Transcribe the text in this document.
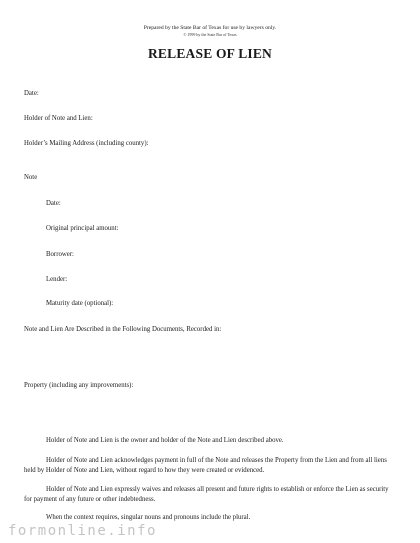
Prepared by the State Bar of Texas for use by lawyers only.
© 1999 by the State Bar of Texas
RELEASE OF LIEN
Date:
Holder of Note and Lien:
Holder’s Mailing Address (including county):
Note
Date:
Original principal amount:
Borrower:
Lender:
Maturity date (optional):
Note and Lien Are Described in the Following Documents, Recorded in:
Property (including any improvements):
Holder of Note and Lien is the owner and holder of the Note and Lien described above.
Holder of Note and Lien acknowledges payment in full of the Note and releases the Property from the Lien and from all liens held by Holder of Note and Lien, without regard to how they were created or evidenced.
Holder of Note and Lien expressly waives and releases all present and future rights to establish or enforce the Lien as security for payment of any future or other indebtedness.
When the context requires, singular nouns and pronouns include the plural.
formonline.info
